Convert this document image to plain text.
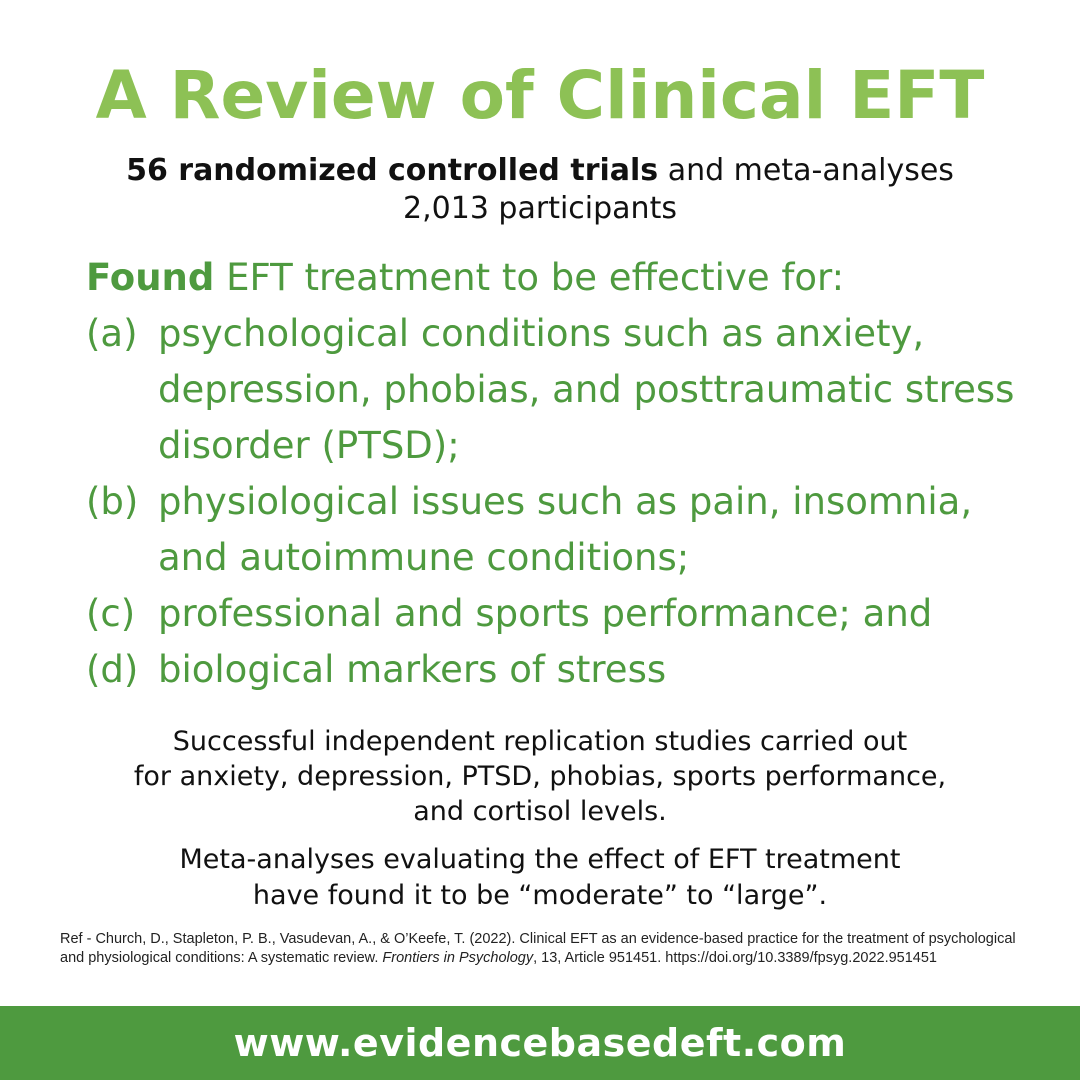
A Review of Clinical EFT
56 randomized controlled trials and meta-analyses
2,013 participants
Found EFT treatment to be effective for:
(a) psychological conditions such as anxiety, depression, phobias, and posttraumatic stress disorder (PTSD);
(b) physiological issues such as pain, insomnia, and autoimmune conditions;
(c) professional and sports performance; and
(d) biological markers of stress
Successful independent replication studies carried out
for anxiety, depression, PTSD, phobias, sports performance,
and cortisol levels.
Meta-analyses evaluating the effect of EFT treatment
have found it to be “moderate” to “large”.
Ref - Church, D., Stapleton, P. B., Vasudevan, A., & O’Keefe, T. (2022). Clinical EFT as an evidence-based practice for the treatment of psychological and physiological conditions: A systematic review. Frontiers in Psychology, 13, Article 951451. https://doi.org/10.3389/fpsyg.2022.951451
www.evidencebasedeft.com
